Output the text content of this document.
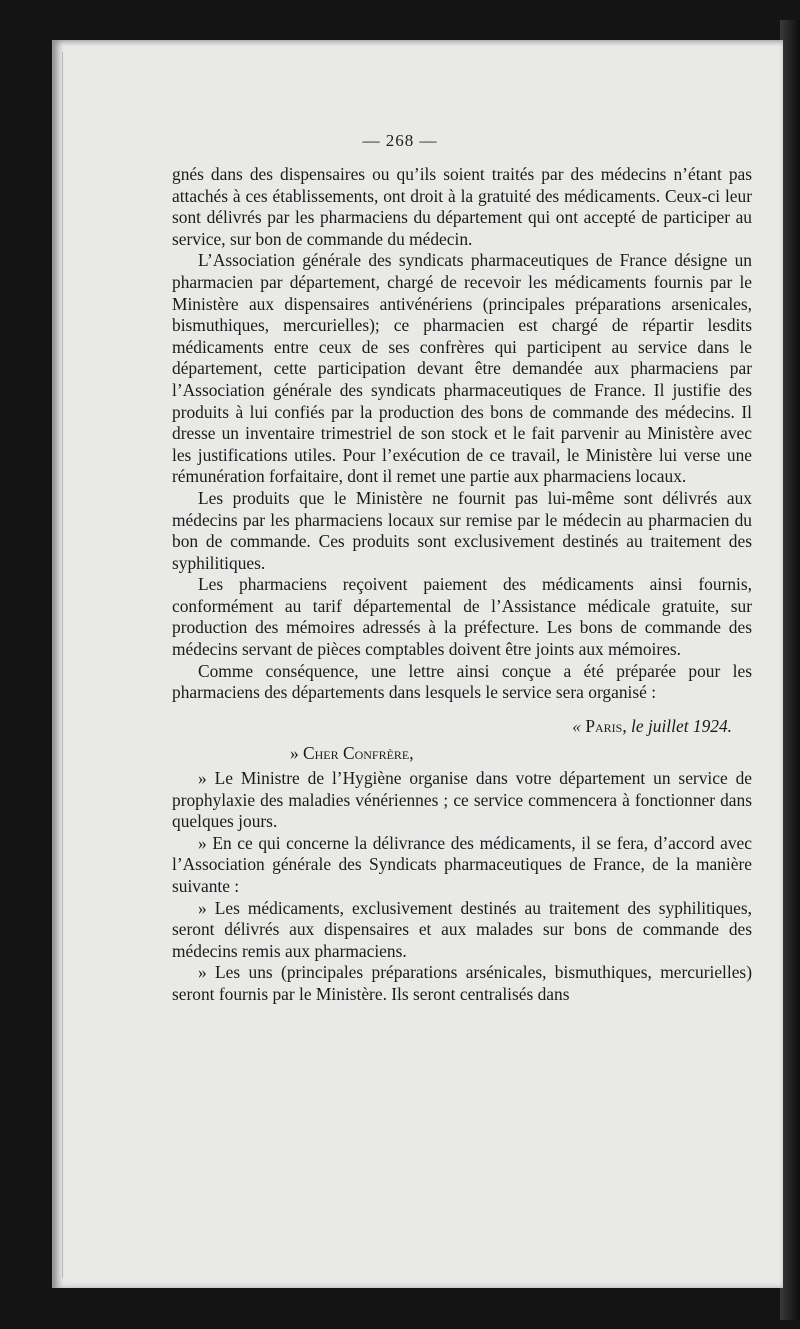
— 268 —

gnés dans des dispensaires ou qu’ils soient traités par des médecins n’étant pas attachés à ces établissements, ont droit à la gratuité des médicaments. Ceux-ci leur sont délivrés par les pharmaciens du département qui ont accepté de participer au service, sur bon de commande du médecin.

L’Association générale des syndicats pharmaceutiques de France désigne un pharmacien par département, chargé de recevoir les médicaments fournis par le Ministère aux dispensaires antivénériens (principales préparations arsenicales, bismuthiques, mercurielles); ce pharmacien est chargé de répartir lesdits médicaments entre ceux de ses confrères qui participent au service dans le département, cette participation devant être demandée aux pharmaciens par l’Association générale des syndicats pharmaceutiques de France. Il justifie des produits à lui confiés par la production des bons de commande des médecins. Il dresse un inventaire trimestriel de son stock et le fait parvenir au Ministère avec les justifications utiles. Pour l’exécution de ce travail, le Ministère lui verse une rémunération forfaitaire, dont il remet une partie aux pharmaciens locaux.

Les produits que le Ministère ne fournit pas lui-même sont délivrés aux médecins par les pharmaciens locaux sur remise par le médecin au pharmacien du bon de commande. Ces produits sont exclusivement destinés au traitement des syphilitiques.

Les pharmaciens reçoivent paiement des médicaments ainsi fournis, conformément au tarif départemental de l’Assistance médicale gratuite, sur production des mémoires adressés à la préfecture. Les bons de commande des médecins servant de pièces comptables doivent être joints aux mémoires.

Comme conséquence, une lettre ainsi conçue a été préparée pour les pharmaciens des départements dans lesquels le service sera organisé :

« Paris, le juillet 1924.

» Cher Confrère,

» Le Ministre de l’Hygiène organise dans votre département un service de prophylaxie des maladies vénériennes ; ce service commencera à fonctionner dans quelques jours.

» En ce qui concerne la délivrance des médicaments, il se fera, d’accord avec l’Association générale des Syndicats pharmaceutiques de France, de la manière suivante :

» Les médicaments, exclusivement destinés au traitement des syphilitiques, seront délivrés aux dispensaires et aux malades sur bons de commande des médecins remis aux pharmaciens.

» Les uns (principales préparations arsénicales, bismuthiques, mercurielles) seront fournis par le Ministère. Ils seront centralisés dans
